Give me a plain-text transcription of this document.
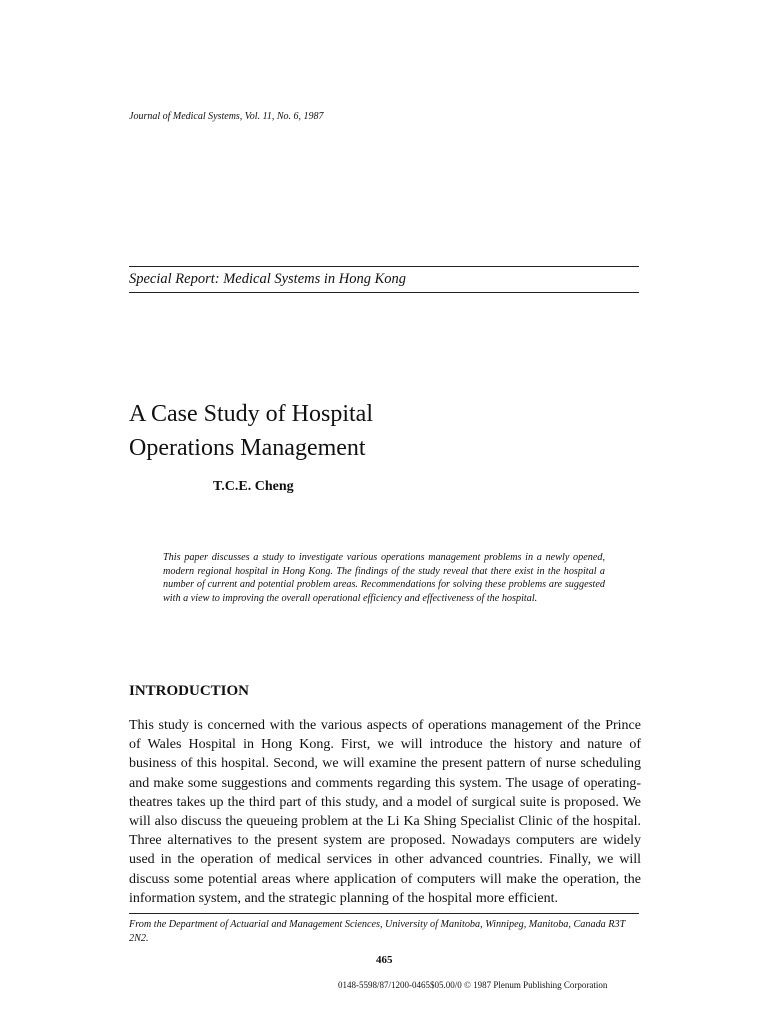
Journal of Medical Systems, Vol. 11, No. 6, 1987
Special Report: Medical Systems in Hong Kong
A Case Study of Hospital
Operations Management
T.C.E. Cheng

This paper discusses a study to investigate various operations management problems in a newly opened, modern regional hospital in Hong Kong. The findings of the study reveal that there exist in the hospital a number of current and potential problem areas. Recommendations for solving these problems are suggested with a view to improving the overall operational efficiency and effectiveness of the hospital.

INTRODUCTION

This study is concerned with the various aspects of operations management of the Prince of Wales Hospital in Hong Kong. First, we will introduce the history and nature of business of this hospital. Second, we will examine the present pattern of nurse scheduling and make some suggestions and comments regarding this system. The usage of operating-theatres takes up the third part of this study, and a model of surgical suite is proposed. We will also discuss the queueing problem at the Li Ka Shing Specialist Clinic of the hospital. Three alternatives to the present system are proposed. Nowadays computers are widely used in the operation of medical services in other advanced countries. Finally, we will discuss some potential areas where application of computers will make the operation, the information system, and the strategic planning of the hospital more efficient.

From the Department of Actuarial and Management Sciences, University of Manitoba, Winnipeg, Manitoba, Canada R3T 2N2.

465
0148-5598/87/1200-0465$05.00/0 © 1987 Plenum Publishing Corporation
